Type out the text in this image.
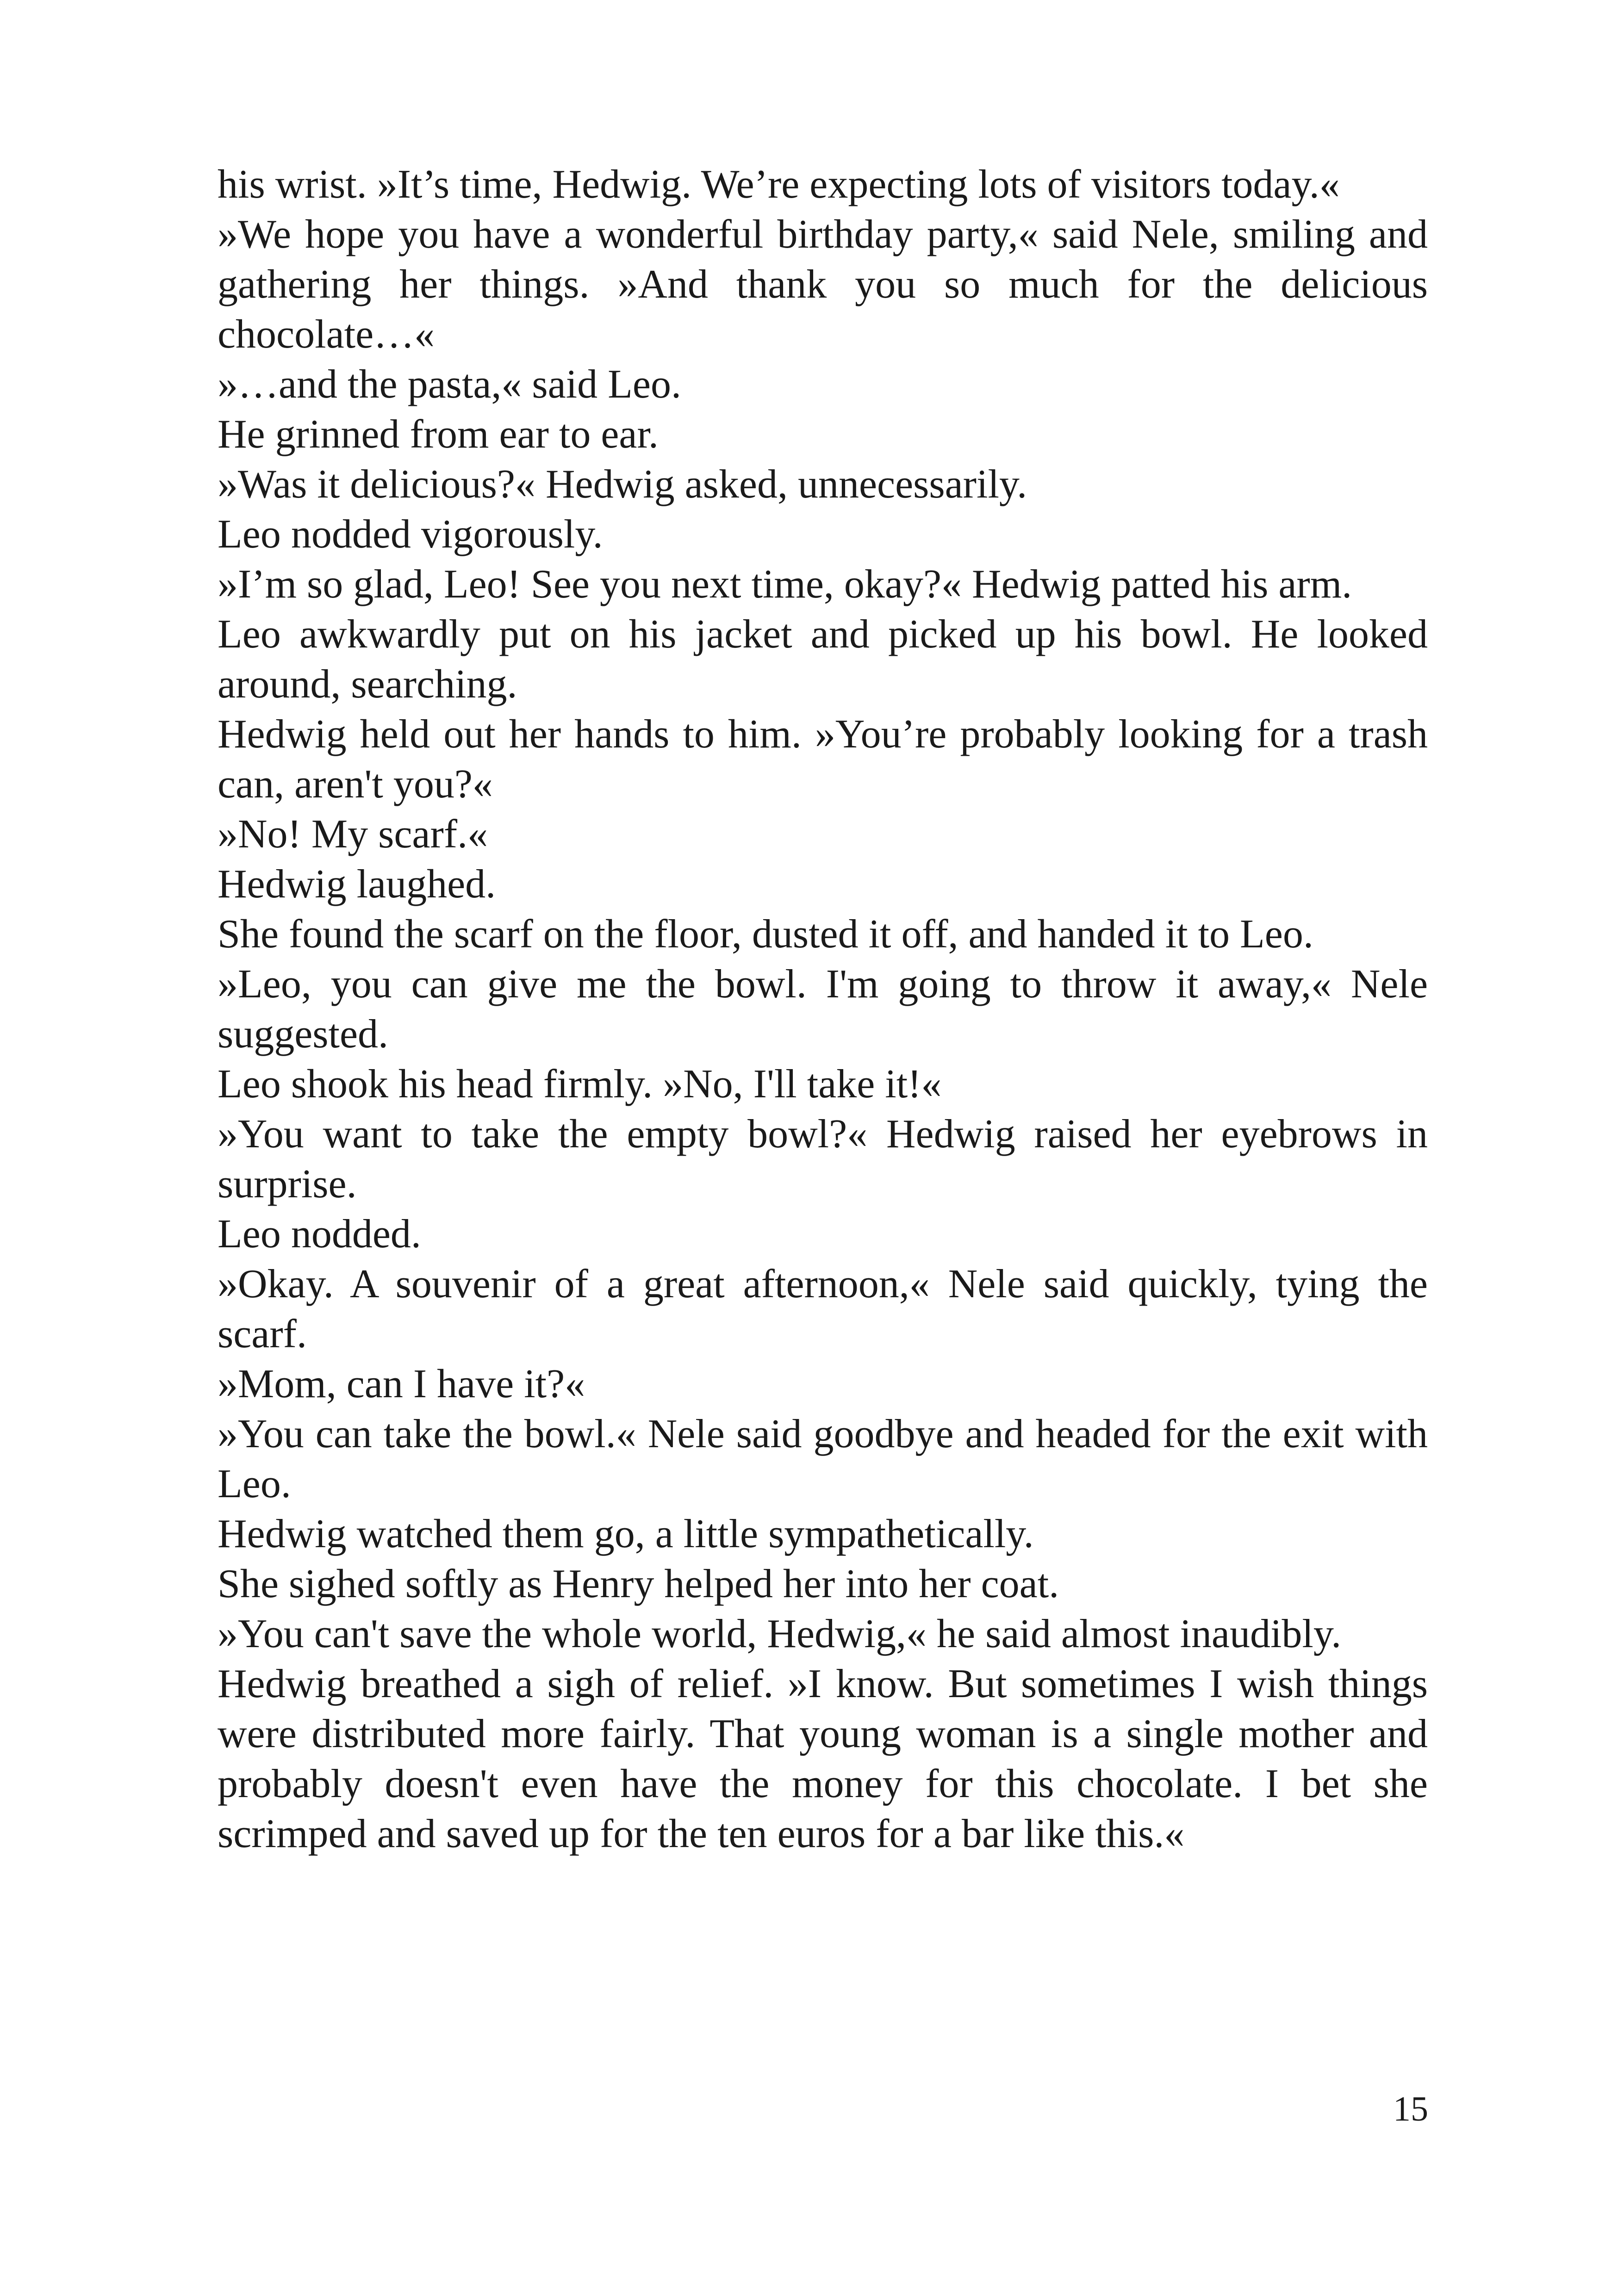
his wrist. »It’s time, Hedwig. We’re expecting lots of visitors today.«

»We hope you have a wonderful birthday party,« said Nele, smiling and gathering her things. »And thank you so much for the delicious chocolate…«

»…and the pasta,« said Leo.

He grinned from ear to ear.

»Was it delicious?« Hedwig asked, unnecessarily.

Leo nodded vigorously.

»I’m so glad, Leo! See you next time, okay?« Hedwig patted his arm.

Leo awkwardly put on his jacket and picked up his bowl. He looked around, searching.

Hedwig held out her hands to him. »You’re probably looking for a trash can, aren't you?«

»No! My scarf.«

Hedwig laughed.

She found the scarf on the floor, dusted it off, and handed it to Leo.

»Leo, you can give me the bowl. I'm going to throw it away,« Nele suggested.

Leo shook his head firmly. »No, I'll take it!«

»You want to take the empty bowl?« Hedwig raised her eyebrows in surprise.

Leo nodded.

»Okay. A souvenir of a great afternoon,« Nele said quickly, tying the scarf.

»Mom, can I have it?«

»You can take the bowl.« Nele said goodbye and headed for the exit with Leo.

Hedwig watched them go, a little sympathetically.

She sighed softly as Henry helped her into her coat.

»You can't save the whole world, Hedwig,« he said almost inaudibly.

Hedwig breathed a sigh of relief. »I know. But sometimes I wish things were distributed more fairly. That young woman is a single mother and probably doesn't even have the money for this chocolate. I bet she scrimped and saved up for the ten euros for a bar like this.«

15
